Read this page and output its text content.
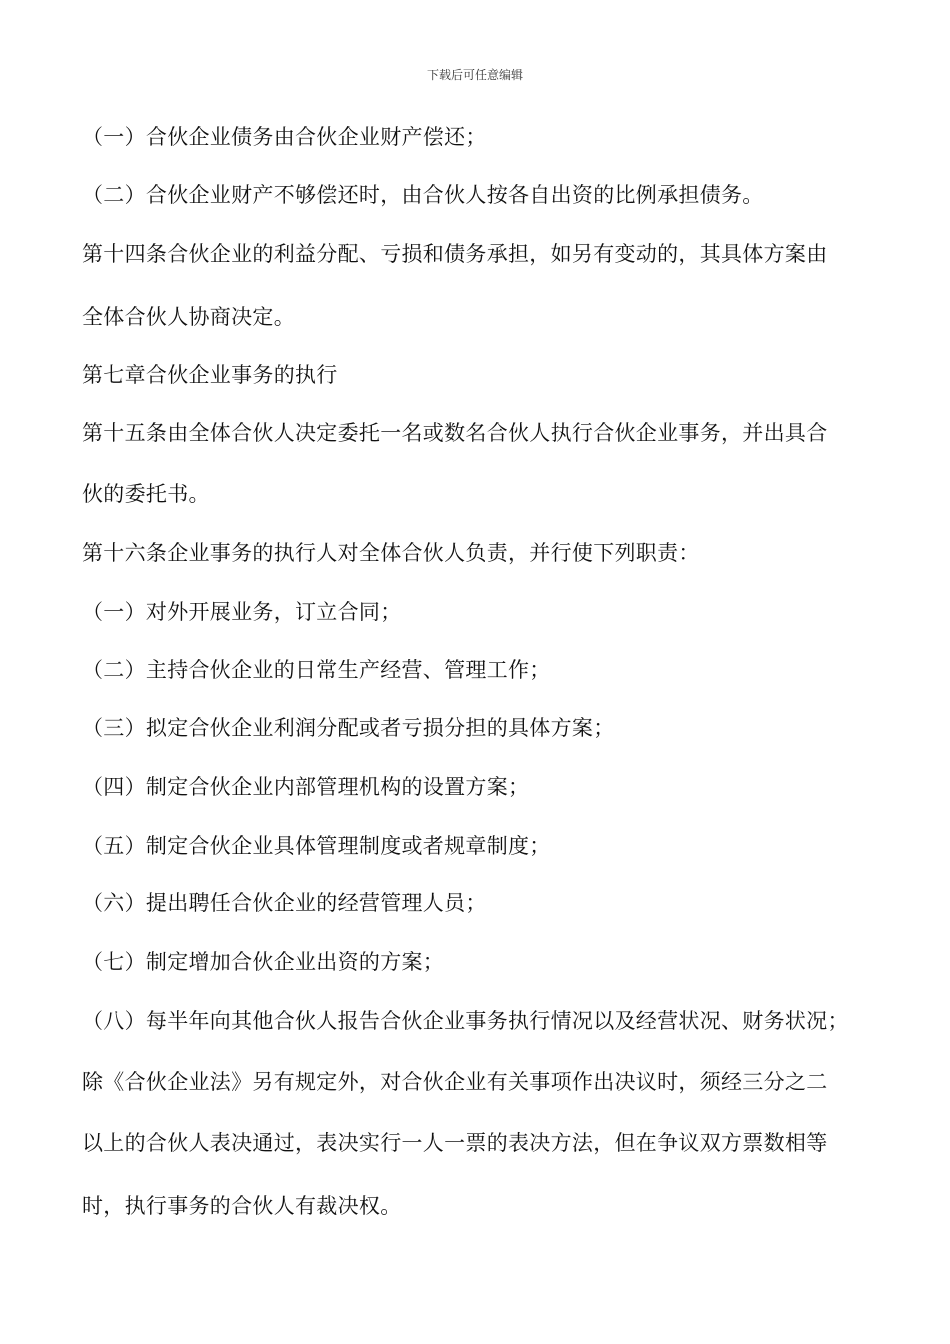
下载后可任意编辑
（一）合伙企业债务由合伙企业财产偿还；
（二）合伙企业财产不够偿还时，由合伙人按各自出资的比例承担债务。
第十四条合伙企业的利益分配、亏损和债务承担，如另有变动的，其具体方案由
全体合伙人协商决定。
第七章合伙企业事务的执行
第十五条由全体合伙人决定委托一名或数名合伙人执行合伙企业事务，并出具合
伙的委托书。
第十六条企业事务的执行人对全体合伙人负责，并行使下列职责：
（一）对外开展业务，订立合同；
（二）主持合伙企业的日常生产经营、管理工作；
（三）拟定合伙企业利润分配或者亏损分担的具体方案；
（四）制定合伙企业内部管理机构的设置方案；
（五）制定合伙企业具体管理制度或者规章制度；
（六）提出聘任合伙企业的经营管理人员；
（七）制定增加合伙企业出资的方案；
（八）每半年向其他合伙人报告合伙企业事务执行情况以及经营状况、财务状况；
除《合伙企业法》另有规定外，对合伙企业有关事项作出决议时，须经三分之二
以上的合伙人表决通过，表决实行一人一票的表决方法，但在争议双方票数相等
时，执行事务的合伙人有裁决权。
